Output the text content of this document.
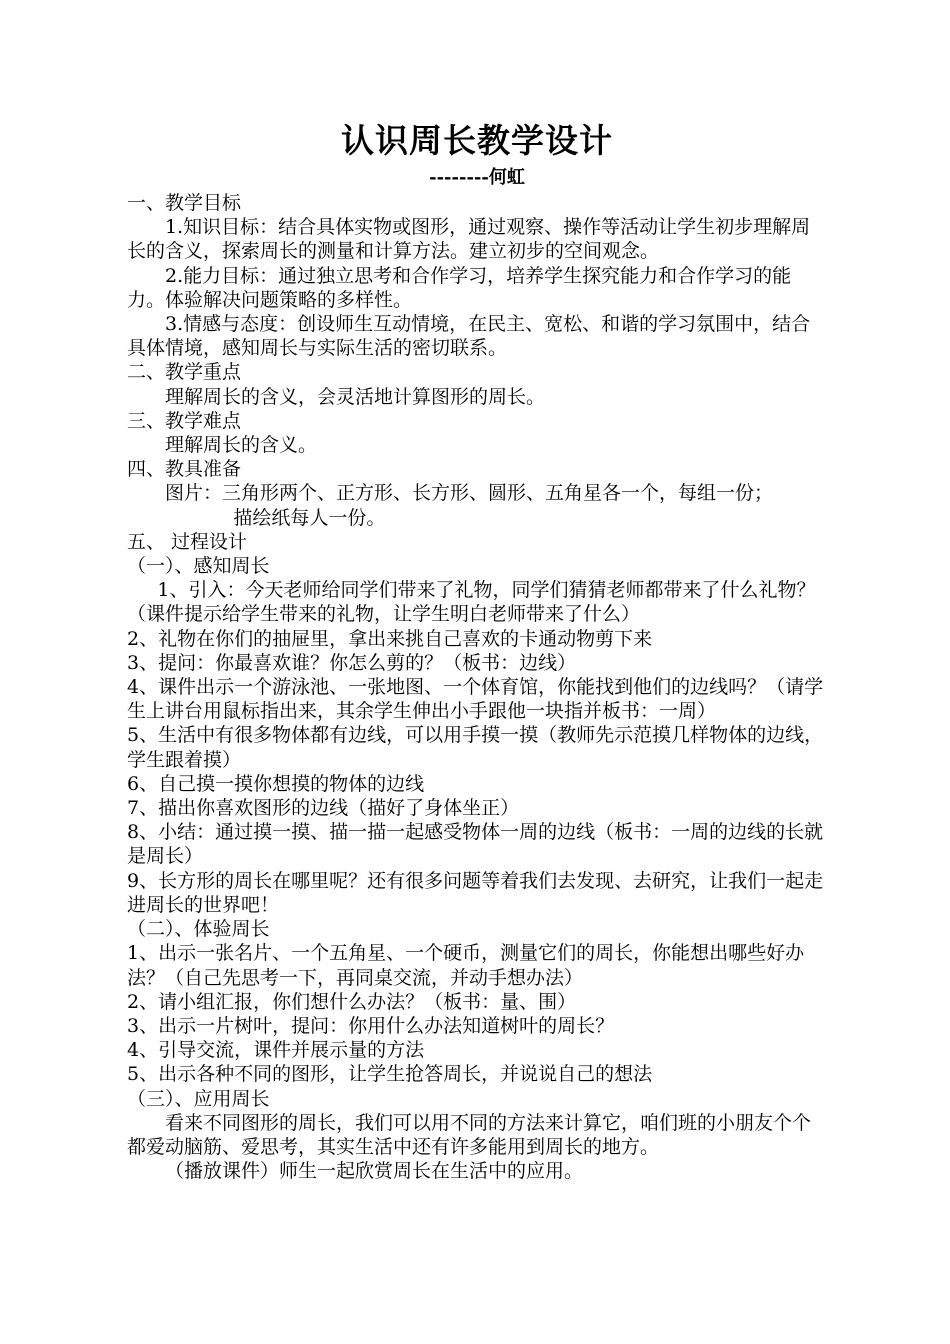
认识周长教学设计
--------何虹

一、教学目标

1.知识目标：结合具体实物或图形，通过观察、操作等活动让学生初步理解周长的含义，探索周长的测量和计算方法。建立初步的空间观念。

2.能力目标：通过独立思考和合作学习，培养学生探究能力和合作学习的能力。体验解决问题策略的多样性。

3.情感与态度：创设师生互动情境，在民主、宽松、和谐的学习氛围中，结合具体情境，感知周长与实际生活的密切联系。

二、教学重点

理解周长的含义，会灵活地计算图形的周长。

三、教学难点

理解周长的含义。

四、教具准备

图片：三角形两个、正方形、长方形、圆形、五角星各一个，每组一份；

描绘纸每人一份。

五、 过程设计

（一）、感知周长

1、引入：今天老师给同学们带来了礼物，同学们猜猜老师都带来了什么礼物？（课件提示给学生带来的礼物，让学生明白老师带来了什么）

2、礼物在你们的抽屉里，拿出来挑自己喜欢的卡通动物剪下来

3、提问：你最喜欢谁？你怎么剪的？（板书：边线）

4、课件出示一个游泳池、一张地图、一个体育馆，你能找到他们的边线吗？（请学生上讲台用鼠标指出来，其余学生伸出小手跟他一块指并板书：一周）

5、生活中有很多物体都有边线，可以用手摸一摸（教师先示范摸几样物体的边线，学生跟着摸）

6、自己摸一摸你想摸的物体的边线

7、描出你喜欢图形的边线（描好了身体坐正）

8、小结：通过摸一摸、描一描一起感受物体一周的边线（板书：一周的边线的长就是周长）

9、长方形的周长在哪里呢？还有很多问题等着我们去发现、去研究，让我们一起走进周长的世界吧！

（二）、体验周长

1、出示一张名片、一个五角星、一个硬币，测量它们的周长，你能想出哪些好办法？（自己先思考一下，再同桌交流，并动手想办法）

2、请小组汇报，你们想什么办法？（板书：量、围）

3、出示一片树叶，提问：你用什么办法知道树叶的周长？

4、引导交流，课件并展示量的方法

5、出示各种不同的图形，让学生抢答周长，并说说自己的想法

（三）、应用周长

看来不同图形的周长，我们可以用不同的方法来计算它，咱们班的小朋友个个都爱动脑筋、爱思考，其实生活中还有许多能用到周长的地方。

（播放课件）师生一起欣赏周长在生活中的应用。
